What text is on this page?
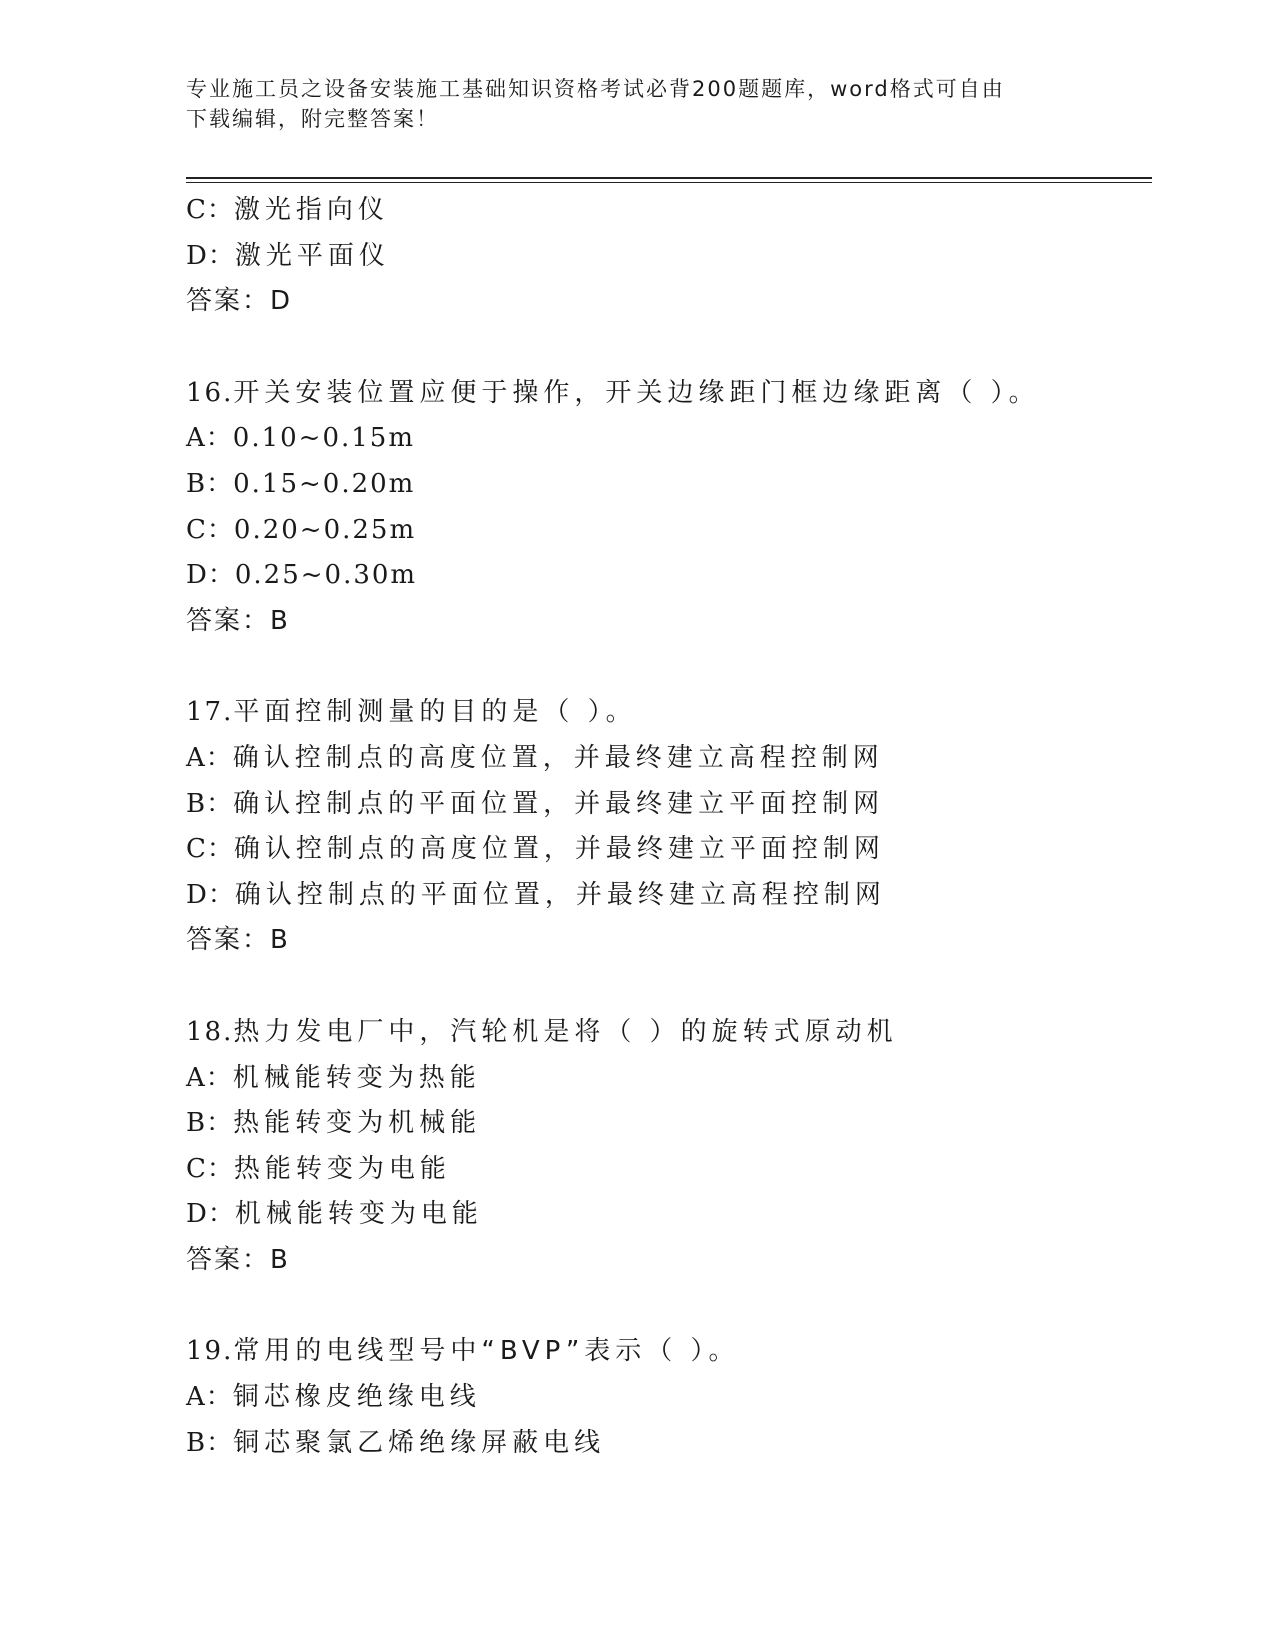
专业施工员之设备安装施工基础知识资格考试必背200题题库，word格式可自由
下载编辑，附完整答案！
C：激光指向仪
D：激光平面仪
答案：D
16.开关安装位置应便于操作，开关边缘距门框边缘距离（ ）。
A：0.10~0.15m
B：0.15~0.20m
C：0.20~0.25m
D：0.25~0.30m
答案：B
17.平面控制测量的目的是（ ）。
A：确认控制点的高度位置，并最终建立高程控制网
B：确认控制点的平面位置，并最终建立平面控制网
C：确认控制点的高度位置，并最终建立平面控制网
D：确认控制点的平面位置，并最终建立高程控制网
答案：B
18.热力发电厂中，汽轮机是将（ ）的旋转式原动机
A：机械能转变为热能
B：热能转变为机械能
C：热能转变为电能
D：机械能转变为电能
答案：B
19.常用的电线型号中“BVP”表示（ ）。
A：铜芯橡皮绝缘电线
B：铜芯聚氯乙烯绝缘屏蔽电线
